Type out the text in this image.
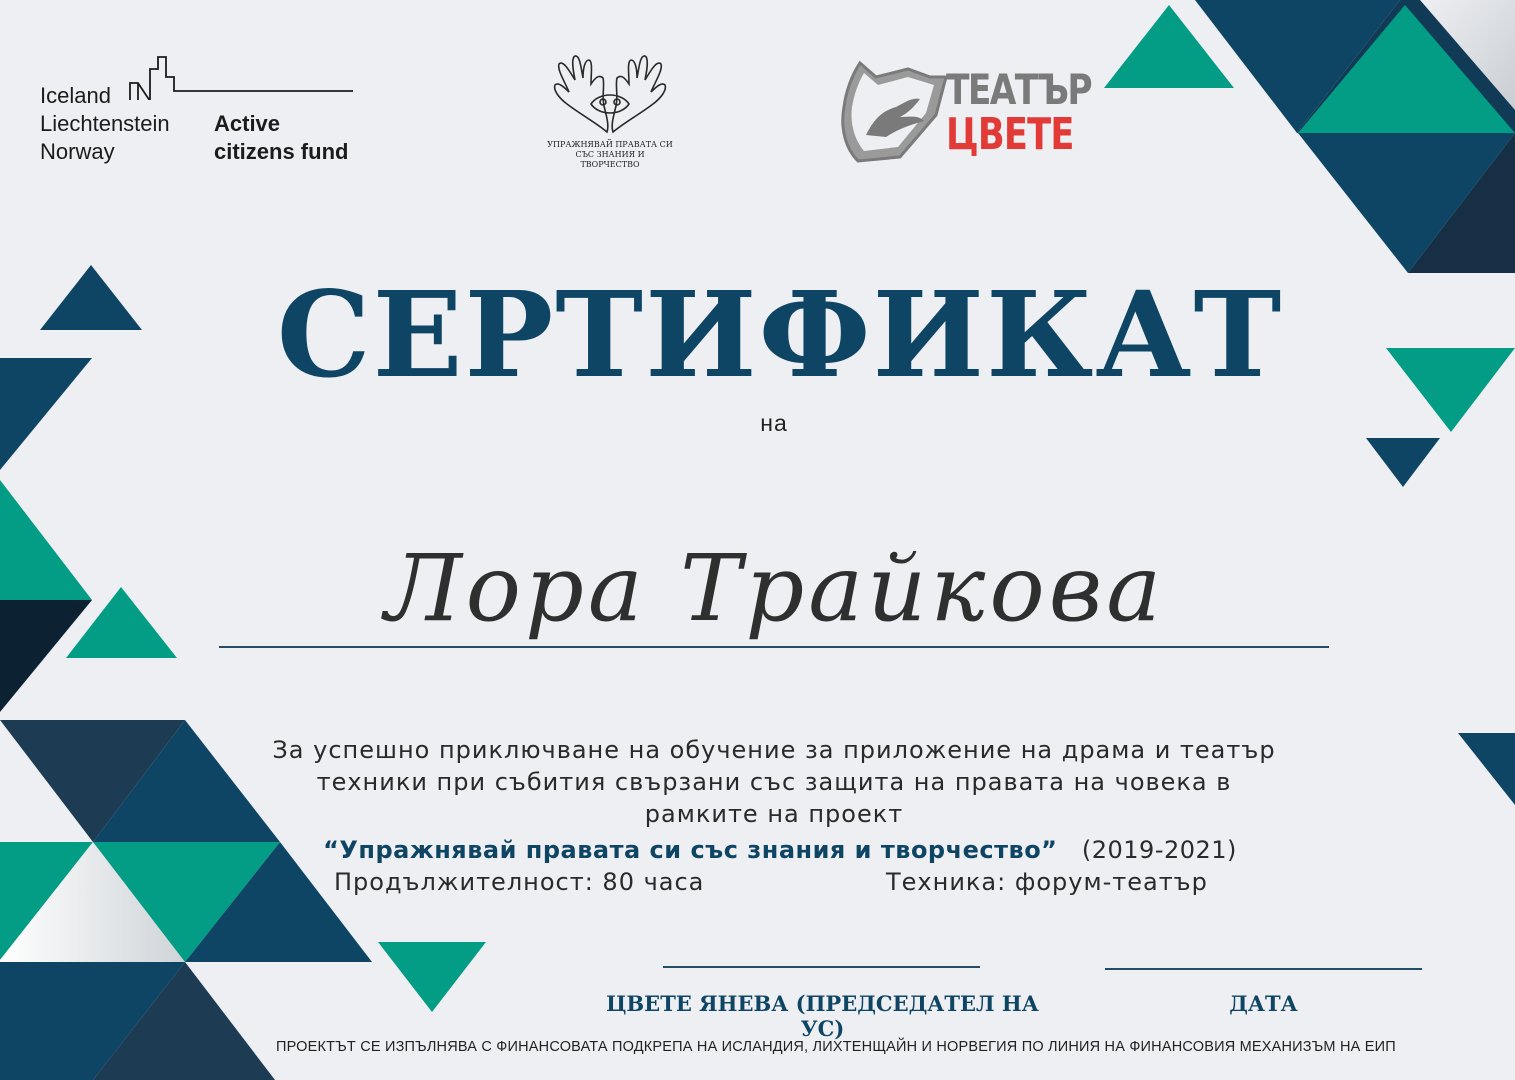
Iceland
Liechtenstein
Norway
Active
citizens fund	УПРАЖНЯВАЙ ПРАВАТА СИ
СЪС ЗНАНИЯ И ТВОРЧЕСТВО
ТЕАТЪР
ЦВЕТЕ
СЕРТИФИКАТ
на
Лора Трайкова
За успешно приключване на обучение за приложение на драма и театър
техники при събития свързани със защита на правата на човека в
рамките на проект
“Упражнявай правата си със знания и творчество” (2019-2021)
Продължителност: 80 часа	Техника: форум-театър
ЦВЕТЕ ЯНЕВА (ПРЕДСЕДАТЕЛ НА УС)
ДАТА
ПРОЕКТЪТ СЕ ИЗПЪЛНЯВА С ФИНАНСОВАТА ПОДКРЕПА НА ИСЛАНДИЯ, ЛИХТЕНЩАЙН И НОРВЕГИЯ ПО ЛИНИЯ НА ФИНАНСОВИЯ МЕХАНИЗЪМ НА ЕИП
